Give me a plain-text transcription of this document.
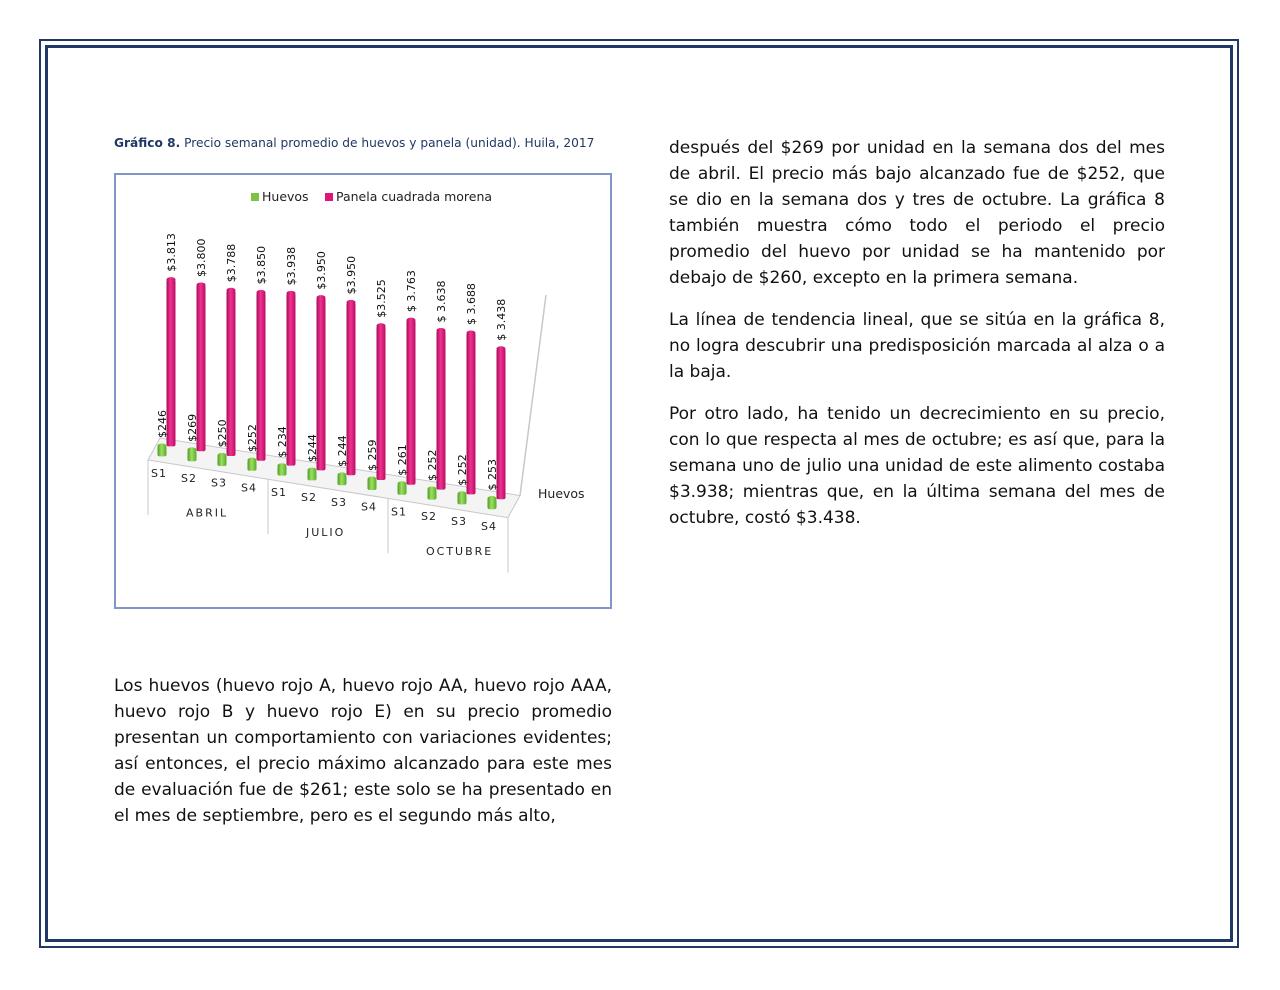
Gráfico 8. Precio semanal promedio de huevos y panela (unidad). Huila, 2017
Huevos Panela cuadrada morena
$3.813
$246
S1
$3.800
$269
S2
$3.788
$250
S3
$3.850
$252
S4
$3.938
$ 234
S1
$3.950
$244
S2
$3.950
$ 244
S3
$3.525
$ 259
S4
$ 3.763
$ 261
S1
$ 3.638
$ 252
S2
$ 3.688
$ 252
S3
$ 3.438
$ 253
S4
ABRIL
JULIO
OCTUBRE
Huevos

Los huevos (huevo rojo A, huevo rojo AA, huevo rojo AAA, huevo rojo B y huevo rojo E) en su precio promedio presentan un comportamiento con variaciones evidentes; así entonces, el precio máximo alcanzado para este mes de evaluación fue de $261; este solo se ha presentado en el mes de septiembre, pero es el segundo más alto,

después del $269 por unidad en la semana dos del mes de abril. El precio más bajo alcanzado fue de $252, que se dio en la semana dos y tres de octubre. La gráfica 8 también muestra cómo todo el periodo el precio promedio del huevo por unidad se ha mantenido por debajo de $260, excepto en la primera semana.

La línea de tendencia lineal, que se sitúa en la gráfica 8, no logra descubrir una predisposición marcada al alza o a la baja.

Por otro lado, ha tenido un decrecimiento en su precio, con lo que respecta al mes de octubre; es así que, para la semana uno de julio una unidad de este alimento costaba $3.938; mientras que, en la última semana del mes de octubre, costó $3.438.
